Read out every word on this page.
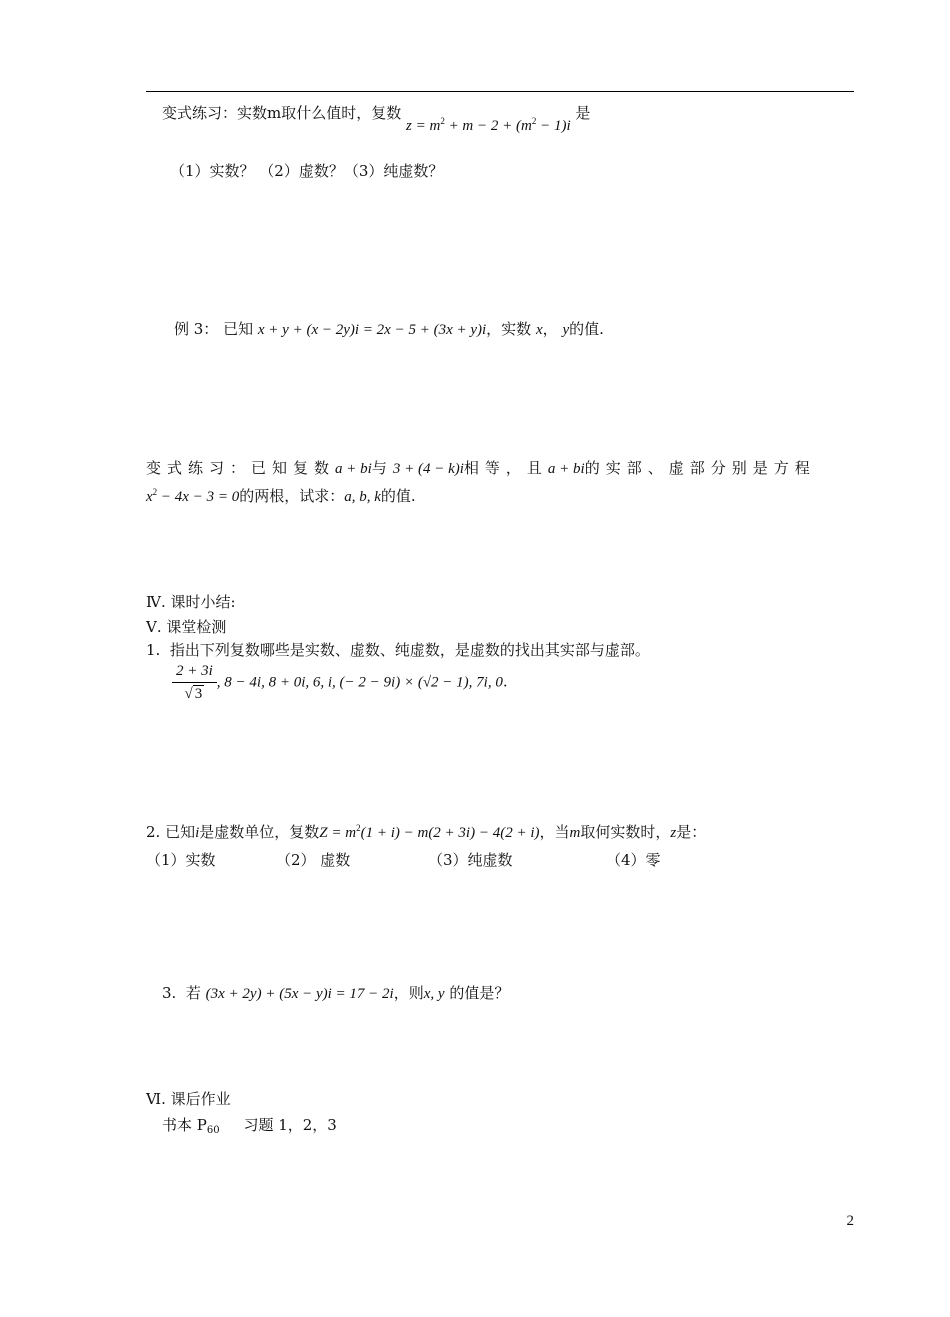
变式练习：实数m取什么值时，复数 $z = m^2 + m - 2 + (m^2 - 1)i$ 是
（1）实数？ （2）虚数？（3）纯虚数？
例 3： 已知 x + y + (x − 2y)i = 2x − 5 + (3x + y)i，实数 x， y的值.
变式练习：已知复数a + bi与3 + (4 − k)i相等，且a + bi的实部、虚部分别是方程
$x^2 - 4x - 3 = 0$的两根，试求：a, b, k的值.
Ⅳ. 课时小结:
Ⅴ. 课堂检测
1. 指出下列复数哪些是实数、虚数、纯虚数，是虚数的找出其实部与虚部。
$\frac{2 + 3i}{√ 3}$ , 8 − 4i, 8 + 0i, 6, i, (− 2 − 9i) × (√2 − 1), 7i, 0.
2. 已知i是虚数单位，复数$Z = m^2(1 + i) - m(2 + 3i) - 4(2 + i)$，当m取何实数时，z是：
（1）实数	（2） 虚数	（3）纯虚数	（4）零
3. 若 (3x + 2y) + (5x − y)i = 17 − 2i，则x, y 的值是？
Ⅵ. 课后作业
书本 $P_{60}$ 习题 1，2，3
2
